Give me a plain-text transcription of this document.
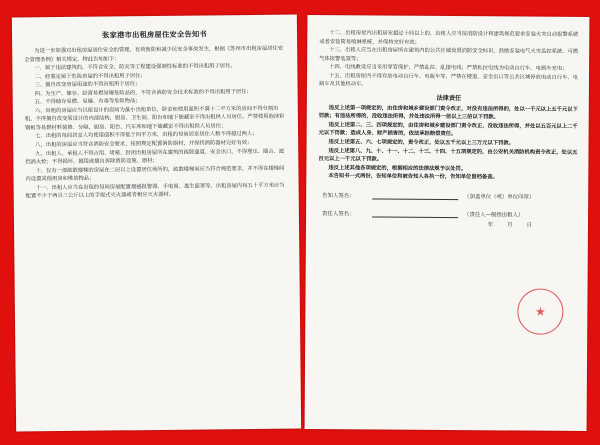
张家港市出租房屋住安全告知书

为进一步加强对出租房屋居住安全的管理，有效预防和减少民安全事故发生，根据《苏州市出租房屋居住安全管理条例》相关规定，特此告知如下：

一、属于违法建筑的，不符合安全、防灾等工程建设强制性标准的不得出租用于居住。

二、经鉴定属于危险房屋的不得出租用于居住；

三、擅自改变房屋用途的不得出租用于居住；

四、为生产、储存、经营易燃易爆危险品的，不符合消防安全技术标准的不得出租用于居住；

五、不得储存易燃、易爆、有毒等危险物品；

六、出租的房屋应当以原设计的房间为最小出租单位，卧室和使用面积不满十二平方米的房间不得分割出租，不得擅自改变原设计的内部结构，厨房、卫生间、阳台和地下储藏室不得出租供人员居住。严禁使用泡沫彩钢板等易燃材料装修、分隔，厨房、阳台、汽车库和地下储藏室不得出租供人员居住；

七、出租的每间居室人均使用面积不得低于四平方米，出租的每间居室居住人数不得超过两人；

八、出租的房屋应当符合消防安全要求，按照规定配置消防器材，并保持消防器材完好有效；

九、出租人、承租人不得占用、堵塞、封闭出租房屋所在建筑的疏散通道、安全出口，不得埋压、圈占、遮挡消火栓；不得损坏、挪用或擅自拆除消防设施、器材；

十、仅有一部疏散楼梯的房屋在二层以上设置居住场所的，疏散楼梯间应当符合规范要求，并不得在楼梯间内设置其他用房和堆放物品；

十一、出租人应当在出租的每间房屋配置烟感报警器、手电筒、逃生面罩等，出租房屋内每五十平方米应当配置不少于两具三公斤以上的手提式灭火器或者相应灭火器材。

十二、出租房屋内出租居室超过十间以上的，出租人应当按消防设计和建筑规范要求安装火灾自动报警系统或者安装简易喷淋系统，并保持完好有效；

十三、出租人应当在出租房屋所在建筑内的公共区域设置消防安全标识，鼓励安装电气火灾监控系统、可燃气体报警装置等；

十四、电线敷设应当采用穿管保护，严禁乱拉、乱接电线；严禁私拉电线为电动自行车、电瓶车充电；

十五、出租房屋内不得存放电动自行车、电瓶车等，严禁在楼道、安全出口等公共区域停放电动自行车、电瓶车及其他机动车。

法律责任

违反上述第一项规定的，由住房和城乡建设部门责令改正，对没有违法所得的，处以一千元以上五千元以下罚款；有违法所得的，没收违法所得，并处违法所得一倍以上三倍以下罚款。

违反上述第二、三、四项规定的，由住房和城乡建设部门责令改正，没收违法所得，并处以五百元以上二千元以下罚款；造成人身、财产损害的，依法承担赔偿责任。

违反上述第五、六、七项规定的，责令改正，处以五千元以上三万元以下罚款。

违反上述第八、九、十、十一、十二、十三、十四、十五项规定的，由公安机关消防机构责令改正，处以五百元以上一千元以下罚款。

违反上述其他各项规定的，根据相应的法律法规予以处罚。

本告知书一式两份，告知单位和被告知人各执一份，告知单位留档备查。

告知人签名：	（加盖单位（或）单位印章）
责任人签名：	（责任人—般指出租人）
年	月	日
★
